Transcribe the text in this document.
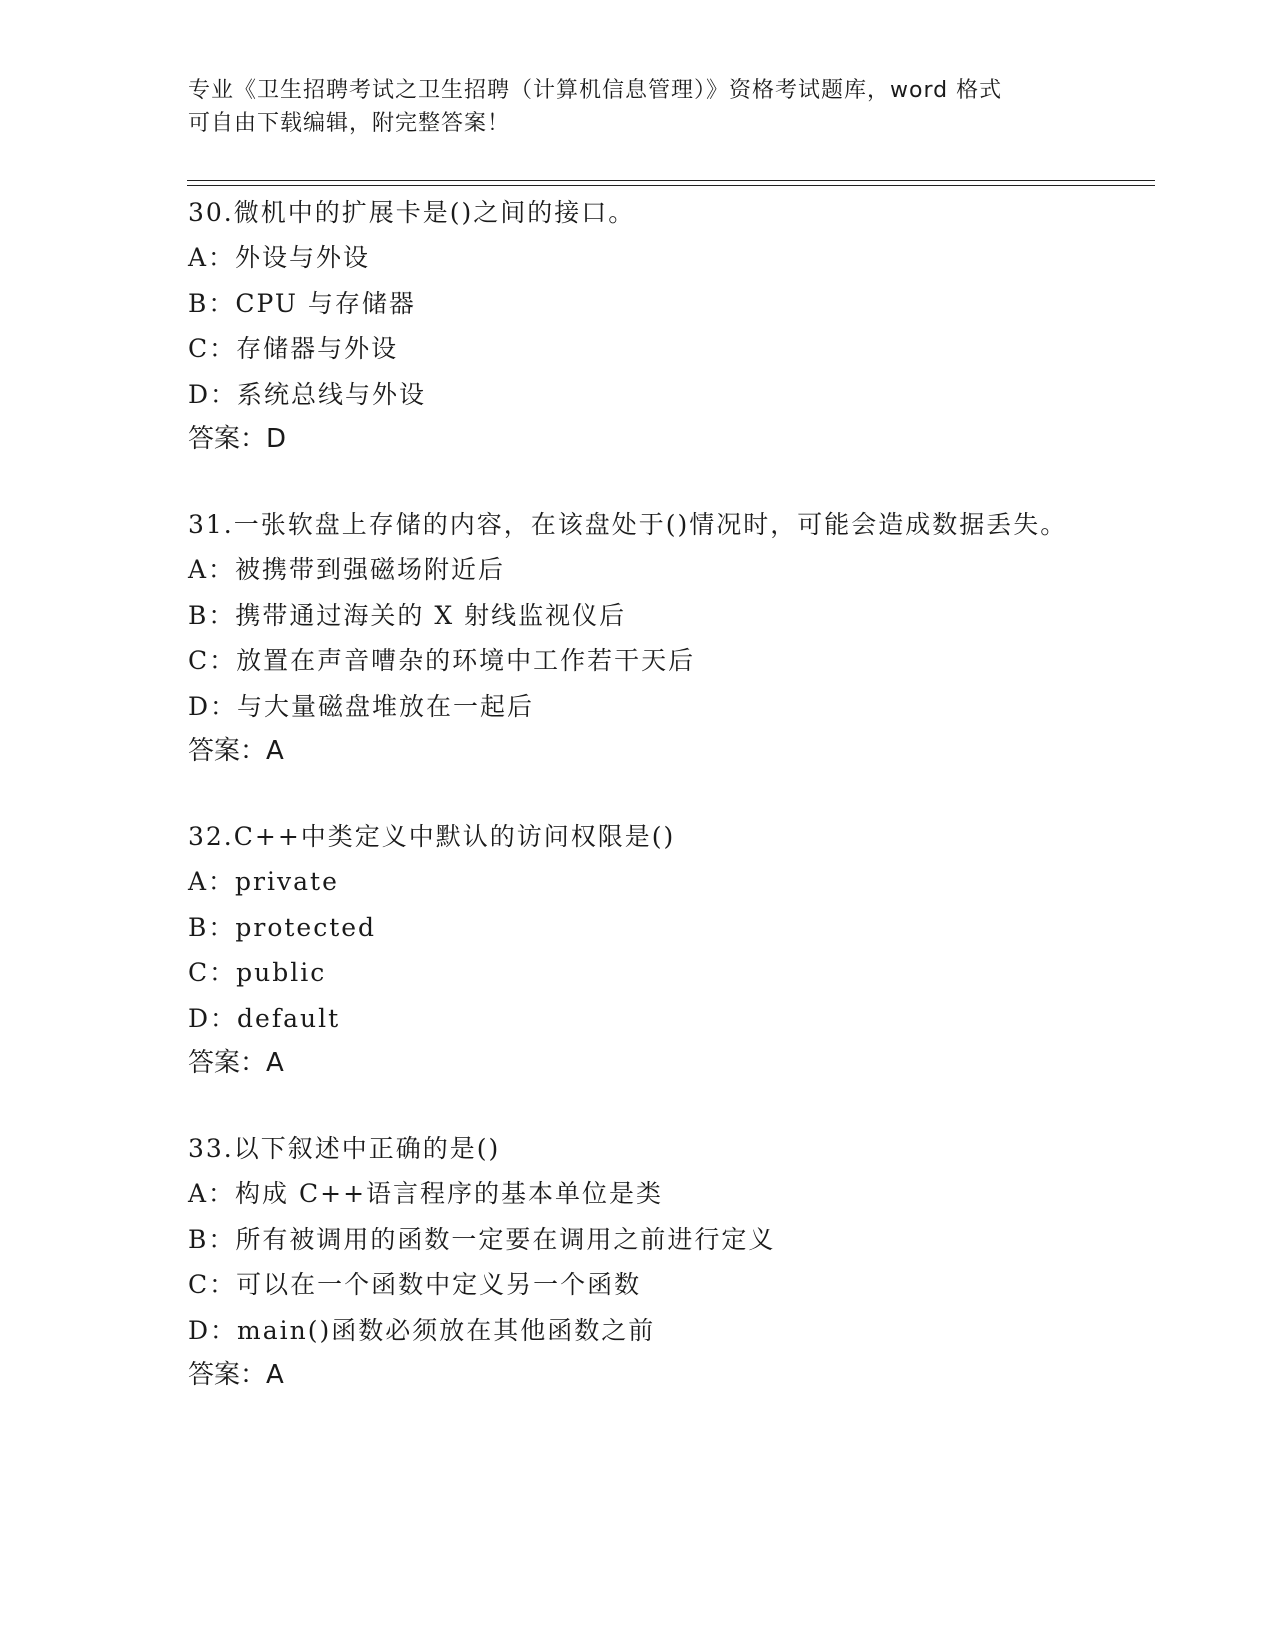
专业《卫生招聘考试之卫生招聘（计算机信息管理）》资格考试题库，word 格式
可自由下载编辑，附完整答案！
30.微机中的扩展卡是()之间的接口。
A：外设与外设
B：CPU 与存储器
C：存储器与外设
D：系统总线与外设
答案：D
31.一张软盘上存储的内容，在该盘处于()情况时，可能会造成数据丢失。
A：被携带到强磁场附近后
B：携带通过海关的 X 射线监视仪后
C：放置在声音嘈杂的环境中工作若干天后
D：与大量磁盘堆放在一起后
答案：A
32.C++中类定义中默认的访问权限是()
A：private
B：protected
C：public
D：default
答案：A
33.以下叙述中正确的是()
A：构成 C++语言程序的基本单位是类
B：所有被调用的函数一定要在调用之前进行定义
C：可以在一个函数中定义另一个函数
D：main()函数必须放在其他函数之前
答案：A
